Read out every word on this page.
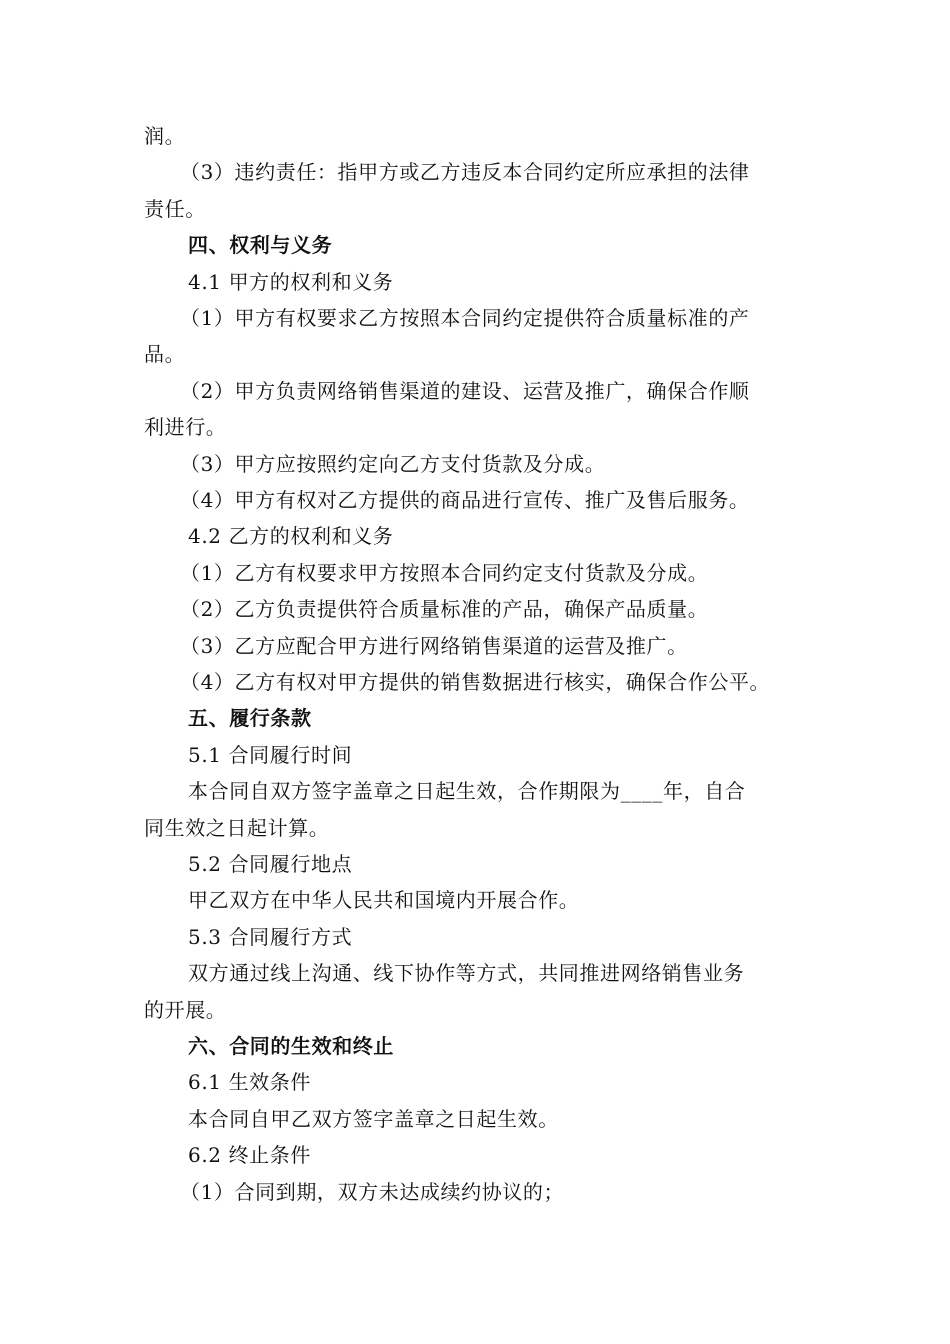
润。
（3）违约责任：指甲方或乙方违反本合同约定所应承担的法律
责任。
四、权利与义务
4.1 甲方的权利和义务
（1）甲方有权要求乙方按照本合同约定提供符合质量标准的产
品。
（2）甲方负责网络销售渠道的建设、运营及推广，确保合作顺
利进行。
（3）甲方应按照约定向乙方支付货款及分成。
（4）甲方有权对乙方提供的商品进行宣传、推广及售后服务。
4.2 乙方的权利和义务
（1）乙方有权要求甲方按照本合同约定支付货款及分成。
（2）乙方负责提供符合质量标准的产品，确保产品质量。
（3）乙方应配合甲方进行网络销售渠道的运营及推广。
（4）乙方有权对甲方提供的销售数据进行核实，确保合作公平。
五、履行条款
5.1 合同履行时间
本合同自双方签字盖章之日起生效，合作期限为____年，自合
同生效之日起计算。
5.2 合同履行地点
甲乙双方在中华人民共和国境内开展合作。
5.3 合同履行方式
双方通过线上沟通、线下协作等方式，共同推进网络销售业务
的开展。
六、合同的生效和终止
6.1 生效条件
本合同自甲乙双方签字盖章之日起生效。
6.2 终止条件
（1）合同到期，双方未达成续约协议的；
